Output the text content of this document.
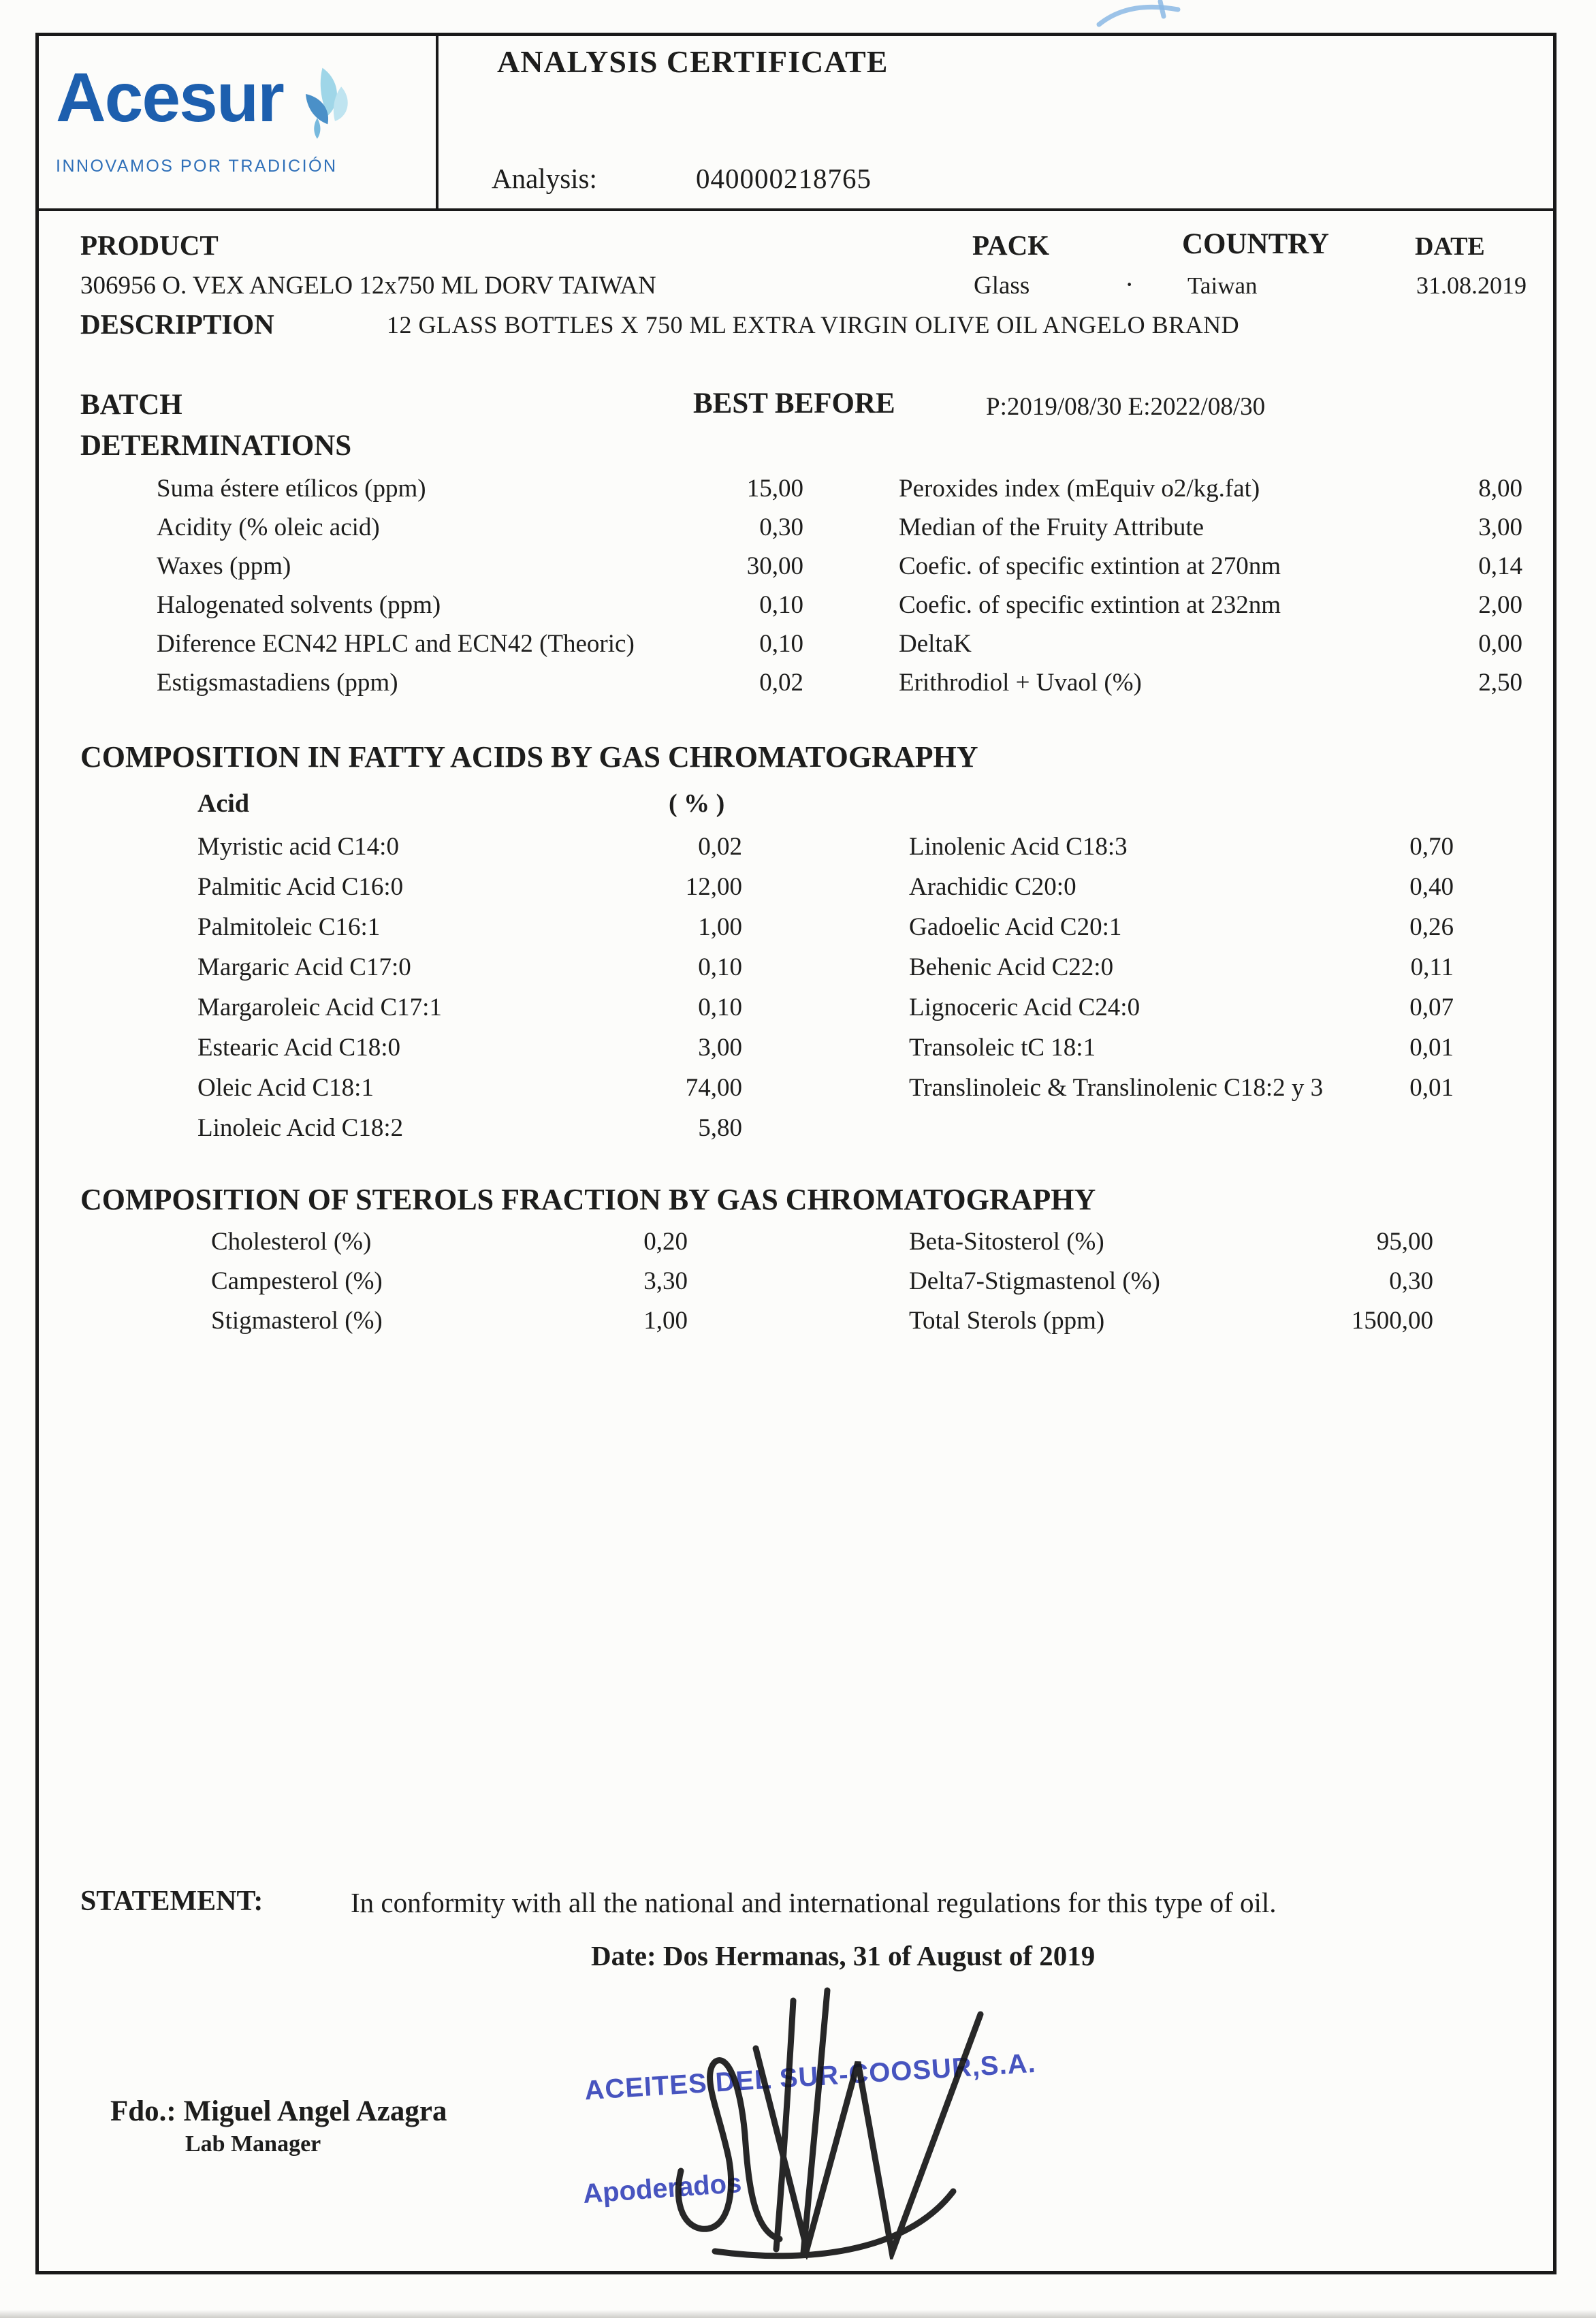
Acesur
INNOVAMOS POR TRADICIÓN
ANALYSIS CERTIFICATE
Analysis:	040000218765
PRODUCT	PACK	COUNTRY	DATE
306956 O. VEX ANGELO 12x750 ML DORV TAIWAN	Glass	· Taiwan	31.08.2019
DESCRIPTION	12 GLASS BOTTLES X 750 ML EXTRA VIRGIN OLIVE OIL ANGELO BRAND
BATCH	BEST BEFORE	P:2019/08/30 E:2022/08/30
DETERMINATIONS
Suma éstere etílicos (ppm)	15,00
Acidity (% oleic acid)	0,30
Waxes (ppm)	30,00
Halogenated solvents (ppm)	0,10
Diference ECN42 HPLC and ECN42 (Theoric)	0,10
Estigsmastadiens (ppm)	0,02
Peroxides index (mEquiv o2/kg.fat)	8,00
Median of the Fruity Attribute	3,00
Coefic. of specific extintion at 270nm	0,14
Coefic. of specific extintion at 232nm	2,00
DeltaK	0,00
Erithrodiol + Uvaol (%)	2,50
COMPOSITION IN FATTY ACIDS BY GAS CHROMATOGRAPHY
Acid	( % )
Myristic acid C14:0	0,02
Palmitic Acid C16:0	12,00
Palmitoleic C16:1	1,00
Margaric Acid C17:0	0,10
Margaroleic Acid C17:1	0,10
Estearic Acid C18:0	3,00
Oleic Acid C18:1	74,00
Linoleic Acid C18:2	5,80
Linolenic Acid C18:3	0,70
Arachidic C20:0	0,40
Gadoelic Acid C20:1	0,26
Behenic Acid C22:0	0,11
Lignoceric Acid C24:0	0,07
Transoleic tC 18:1	0,01
Translinoleic & Translinolenic C18:2 y 3	0,01
COMPOSITION OF STEROLS FRACTION BY GAS CHROMATOGRAPHY
Cholesterol (%)	0,20
Campesterol (%)	3,30
Stigmasterol (%)	1,00
Beta-Sitosterol (%)	95,00
Delta7-Stigmastenol (%)	0,30
Total Sterols (ppm)	1500,00
STATEMENT:	In conformity with all the national and international regulations for this type of oil.
Date: Dos Hermanas, 31 of August of 2019
Fdo.: Miguel Angel Azagra
Lab Manager
ACEITES DEL SUR-COOSUR,S.A.
Apoderados
